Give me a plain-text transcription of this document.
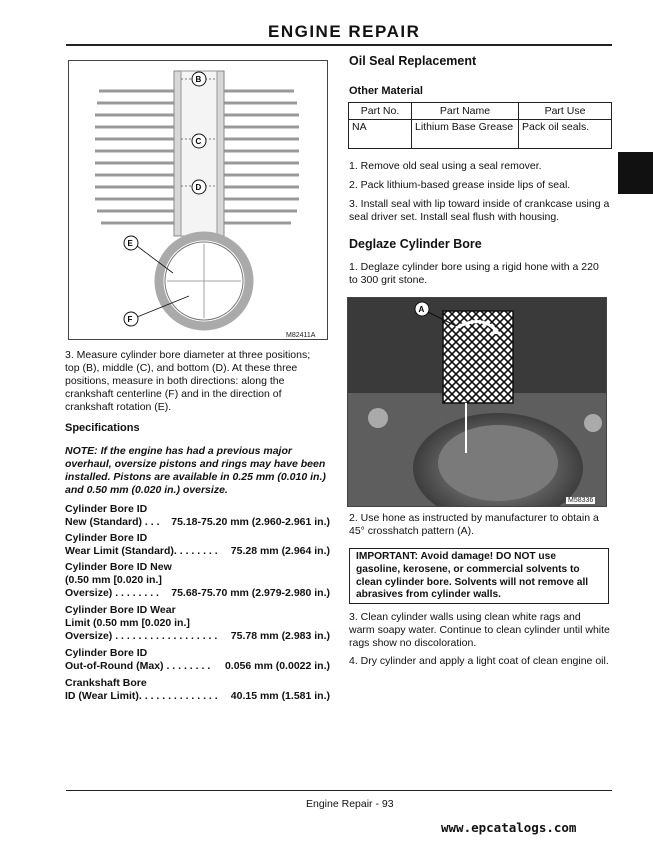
ENGINE REPAIR
B
C
D
E
F
M82411A
3. Measure cylinder bore diameter at three positions;
top (B), middle (C), and bottom (D). At these three
positions, measure in both directions: along the
crankshaft centerline (F) and in the direction of
crankshaft rotation (E).
Specifications
NOTE: If the engine has had a previous major
overhaul, oversize pistons and rings may have been
installed. Pistons are available in 0.25 mm (0.010 in.)
and 0.50 mm (0.020 in.) oversize.
Cylinder Bore ID
New (Standard) . . . 75.18-75.20 mm (2.960-2.961 in.)
Cylinder Bore ID
Wear Limit (Standard). . . . . . . . 75.28 mm (2.964 in.)
Cylinder Bore ID New
(0.50 mm [0.020 in.]
Oversize) . . . . . . . . 75.68-75.70 mm (2.979-2.980 in.)
Cylinder Bore ID Wear
Limit (0.50 mm [0.020 in.]
Oversize) . . . . . . . . . . . . . . . . . . 75.78 mm (2.983 in.)
Cylinder Bore ID
Out-of-Round (Max) . . . . . . . . 0.056 mm (0.0022 in.)
Crankshaft Bore
ID (Wear Limit). . . . . . . . . . . . . . 40.15 mm (1.581 in.)
Oil Seal Replacement
Other Material
Part No.	Part Name	Part Use
NA	Lithium Base Grease	Pack oil seals.
1. Remove old seal using a seal remover.
2. Pack lithium-based grease inside lips of seal.
3. Install seal with lip toward inside of crankcase using a
seal driver set. Install seal flush with housing.
Deglaze Cylinder Bore
1. Deglaze cylinder bore using a rigid hone with a 220
to 300 grit stone.
A
M58336
2. Use hone as instructed by manufacturer to obtain a
45° crosshatch pattern (A).
IMPORTANT: Avoid damage! DO NOT use
gasoline, kerosene, or commercial solvents to
clean cylinder bore. Solvents will not remove all
abrasives from cylinder walls.
3. Clean cylinder walls using clean white rags and
warm soapy water. Continue to clean cylinder until white
rags show no discoloration.
4. Dry cylinder and apply a light coat of clean engine oil.
Engine Repair - 93
www.epcatalogs.com
